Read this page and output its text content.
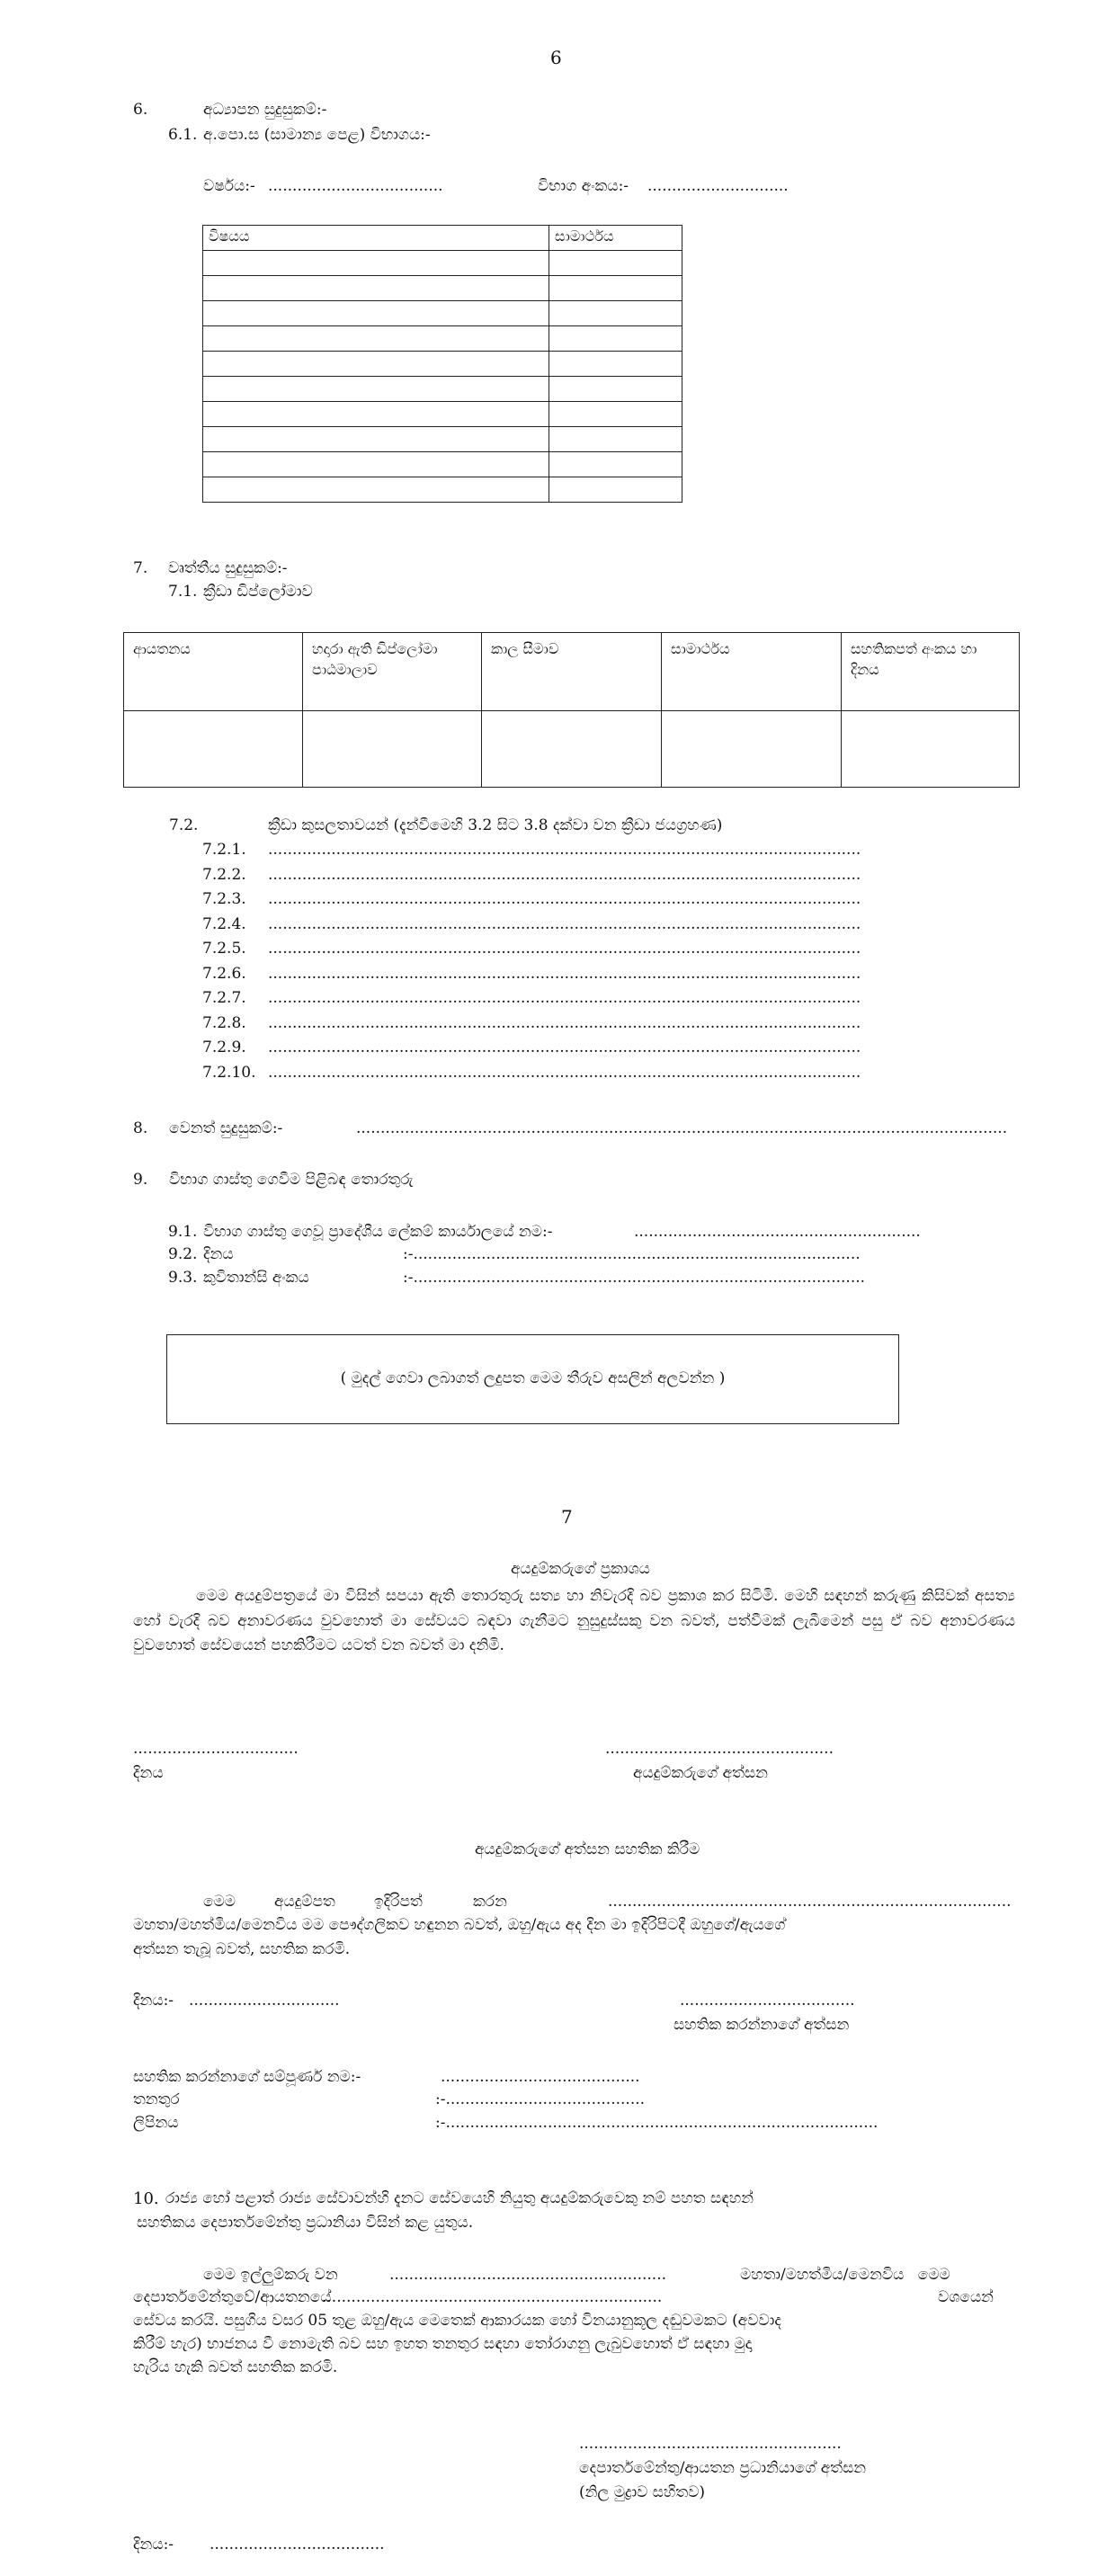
6
6.	අධ්‍යාපන සුදුසුකම්:-
6.1. අ.පො.ස (සාමාන්‍ය පෙළ) විභාගය:-
වර්ෂය:- ....................................	විභාග අංකය:- .............................
විෂයය	සාමාර්ථය

7. වෘත්තීය සුදුසුකම්:-
7.1. ක්‍රීඩා ඩිප්ලෝමාව
ආයතනය	හදාරා ඇති ඩිප්ලෝමා පාඨමාලාව	කාල සීමාව	සාමාර්ථය	සහතිකපත් අංකය හා දිනය

7.2.	ක්‍රීඩා කුසලතාවයන් (දැන්වීමෙහි 3.2 සිට 3.8 දක්වා වන ක්‍රීඩා ජයග්‍රහණ)
7.2.1. ..........................................................................................................................
7.2.2. ..........................................................................................................................
7.2.3. ..........................................................................................................................
7.2.4. ..........................................................................................................................
7.2.5. ..........................................................................................................................
7.2.6. ..........................................................................................................................
7.2.7. ..........................................................................................................................
7.2.8. ..........................................................................................................................
7.2.9. ..........................................................................................................................
7.2.10. ..........................................................................................................................
8. වෙනත් සුදුසුකම්:-	......................................................................................................................................
9. විභාග ගාස්තු ගෙවීම පිළිබඳ තොරතුරු
9.1. විභාග ගාස්තු ගෙවූ ප්‍රාදේශීය ලේකම් කාර්යාලයේ නම:-	...........................................................
9.2. දිනය	:-............................................................................................
9.3. කුවිතාන්සි අංකය	:-.............................................................................................
( මුදල් ගෙවා ලබාගත් ලදුපත මෙම තීරුව අසලින් අලවන්න )
7
අයදුම්කරුගේ ප්‍රකාශය
මෙම අයදුම්පත්‍රයේ මා විසින් සපයා ඇති තොරතුරු සත්‍ය හා නිවැරදි බව ප්‍රකාශ කර සිටිමි. මෙහි සඳහන් කරුණු කිසිවක් අසත්‍ය හෝ වැරදි බව අනාවරණය වුවහොත් මා සේවයට බඳවා ගැනීමට නුසුදුස්සකු වන බවත්, පත්වීමක් ලැබීමෙන් පසු ඒ බව අනාවරණය වුවහොත් සේවයෙන් පහකිරීමට යටත් වන බවත් මා දනිමි.
..................................	...............................................
දිනය	අයදුම්කරුගේ අත්සන
අයදුම්කරුගේ අත්සන සහතික කිරීම
මෙම	අයදුම්පත	ඉදිරිපත්	කරන	...................................................................................
මහතා/මහත්මිය/මෙනවිය මම පෞද්ගලිකව හඳුනන බවත්, ඔහු/ඇය අද දින මා ඉදිරිපිටදී ඔහුගේ/ඇයගේ
අත්සන තැබූ බවත්, සහතික කරමි.
දිනය:- ...............................	....................................
සහතික කරන්නාගේ අත්සන
සහතික කරන්නාගේ සම්පූර්ණ නම:-	.........................................
තනතුර	:-.........................................
ලිපිනය	:-.........................................................................................
10. රාජ්‍ය හෝ පළාත් රාජ්‍ය සේවාවන්හි දැනට සේවයෙහි නියුතු අයදුම්කරුවෙකු නම් පහත සඳහන්
සහතිකය දෙපාර්තමේන්තු ප්‍රධානියා විසින් කළ යුතුය.
මෙම ඉල්ලුම්කරු වන	.........................................................	මහතා/මහත්මිය/මෙනවිය මෙම
දෙපාර්තමේන්තුවේ/ආයතනයේ
......................................................................	වශයෙන්
සේවය කරයි. පසුගිය වසර 05 තුළ ඔහු/ඇය මෙතෙක් ආකාරයක හෝ විනයානුකූල දඬුවමකට (අවවාද
කිරීම් හැර) භාජනය වී නොමැති බව සහ ඉහත තනතුර සඳහා තෝරාගනු ලැබුවහොත් ඒ සඳහා මුදා
හැරිය හැකි බවත් සහතික කරමි.
......................................................
දෙපාර්තමේන්තු/ආයතන ප්‍රධානියාගේ අත්සන
(නිල මුද්‍රාව සහිතව)
දිනය:- ....................................
